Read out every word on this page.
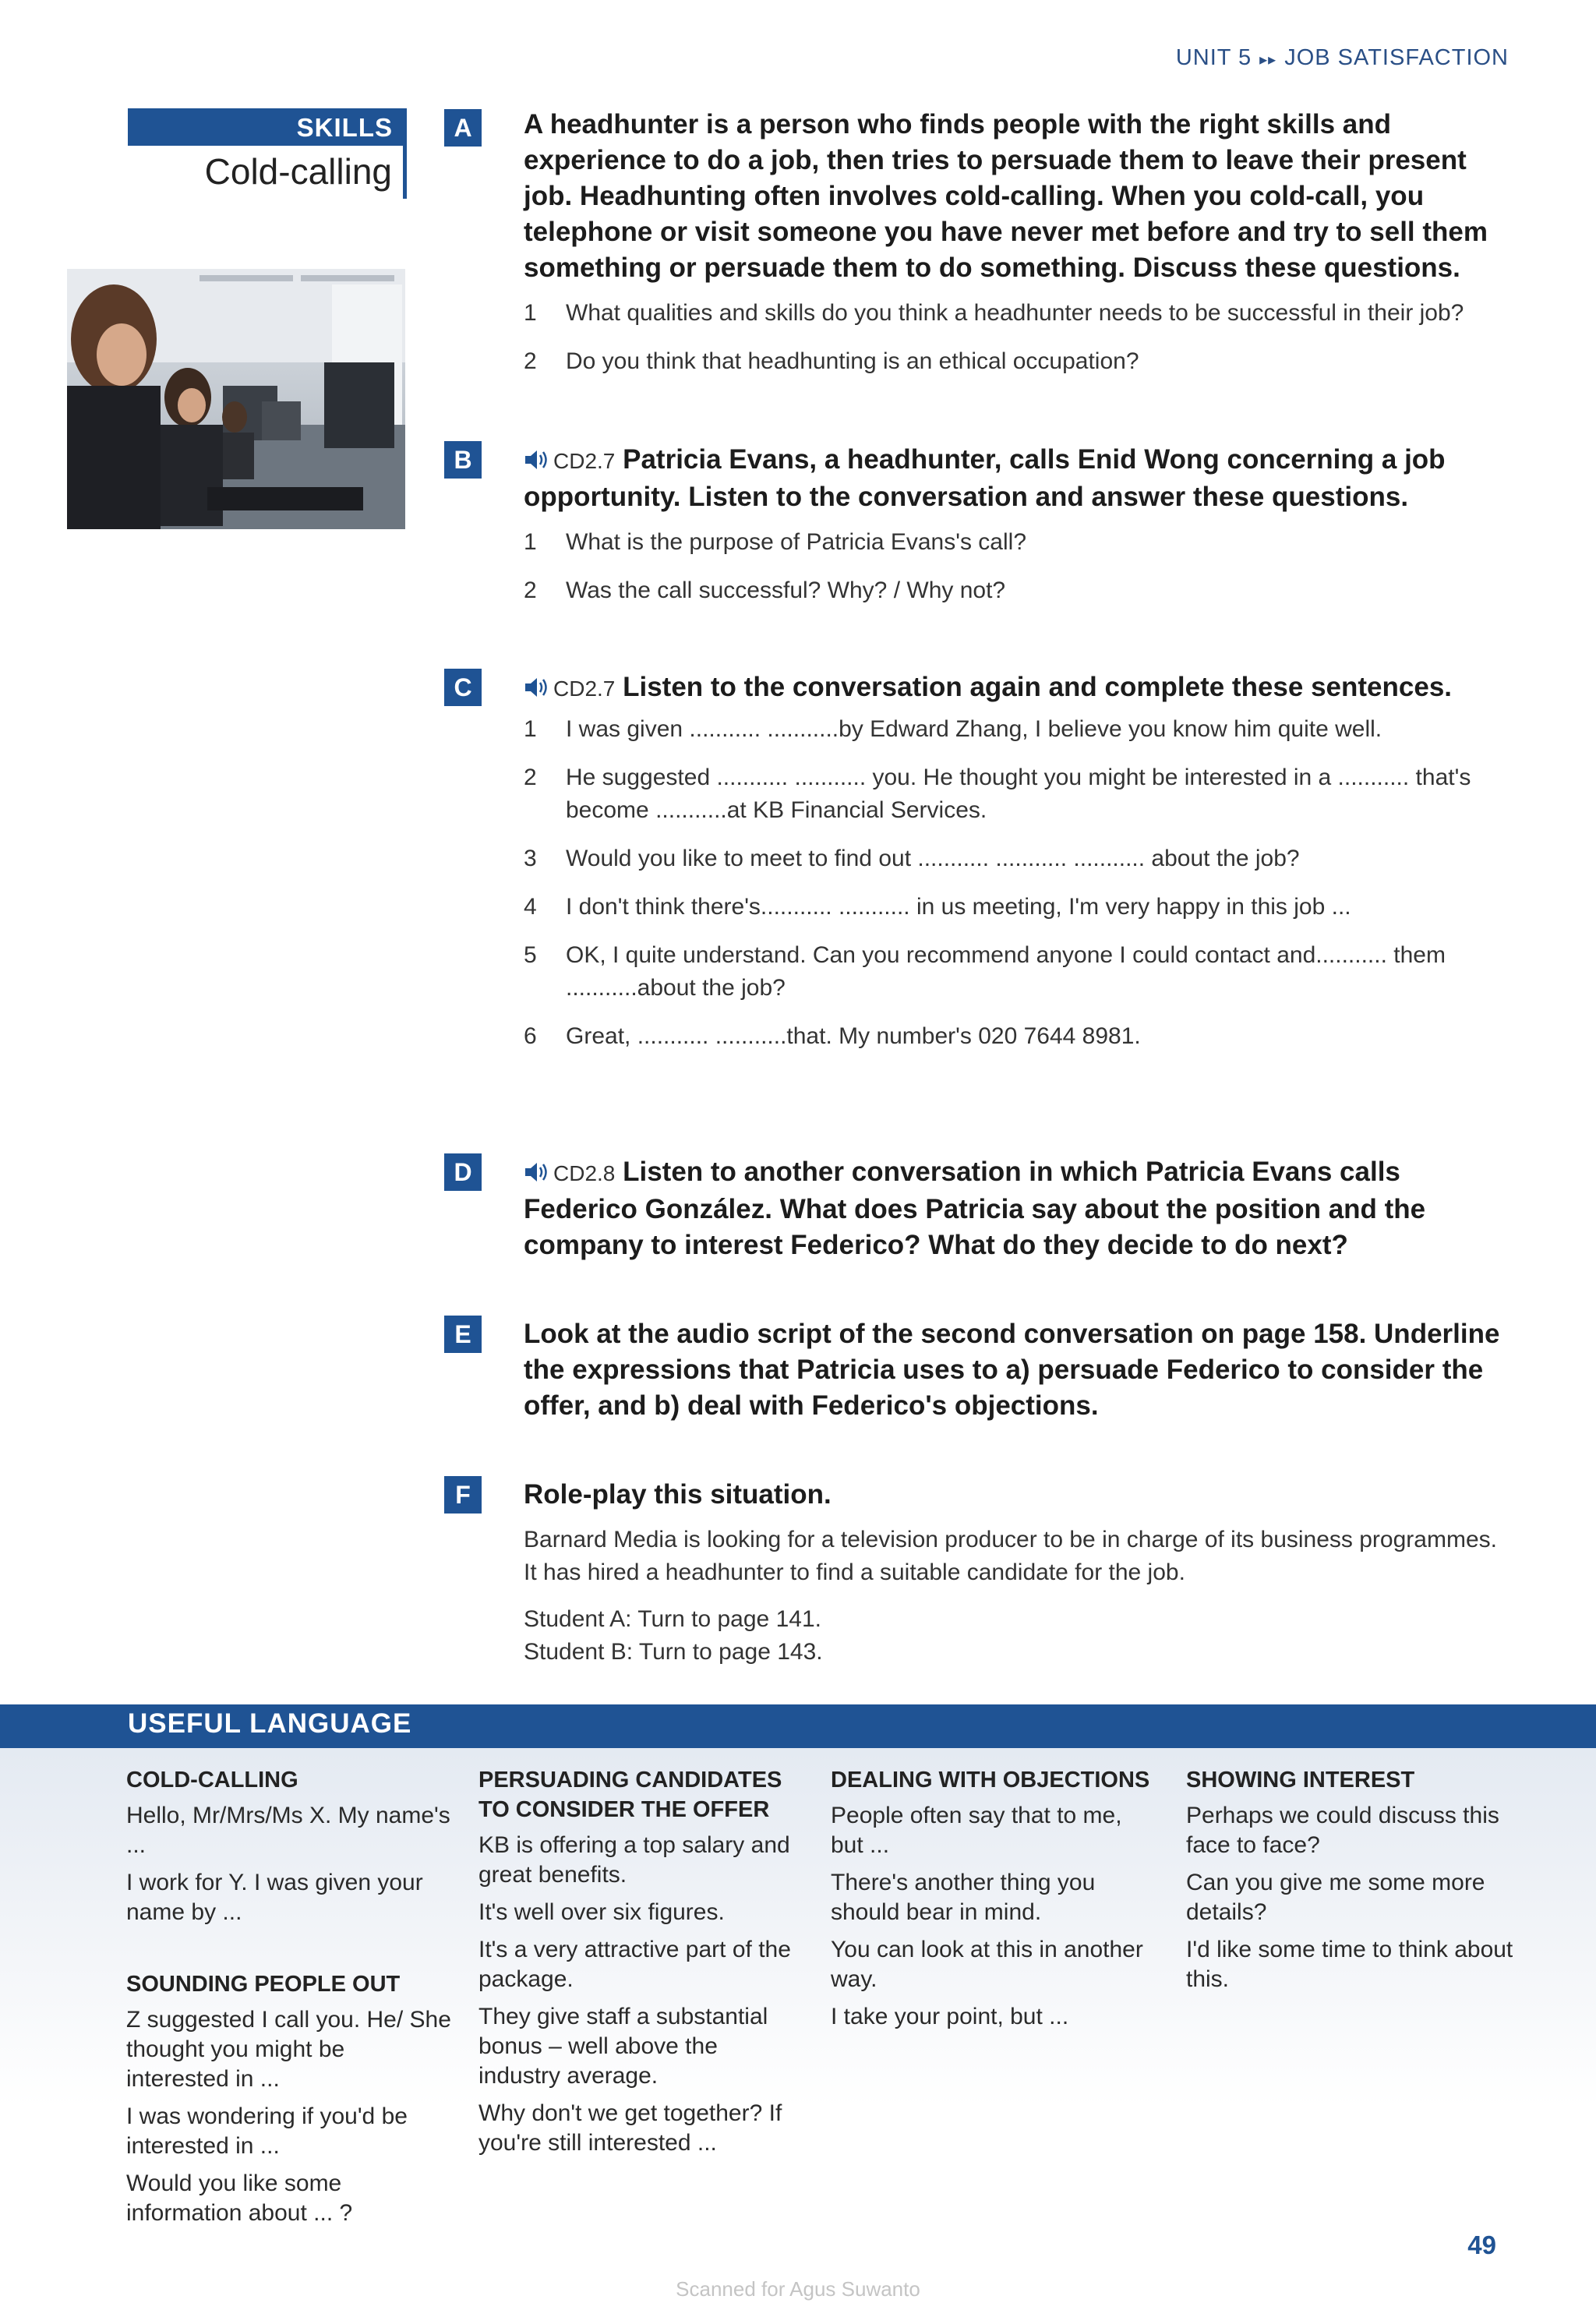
UNIT 5 ▸▸ JOB SATISFACTION
SKILLS
Cold-calling
A	A headhunter is a person who finds people with the right skills and experience to do a job, then tries to persuade them to leave their present job. Headhunting often involves cold-calling. When you cold-call, you telephone or visit someone you have never met before and try to sell them something or persuade them to do something. Discuss these questions.

1 What qualities and skills do you think a headhunter needs to be successful in their job?
2 Do you think that headhunting is an ethical occupation?
B	CD2.7 Patricia Evans, a headhunter, calls Enid Wong concerning a job opportunity. Listen to the conversation and answer these questions.

1 What is the purpose of Patricia Evans's call?
2 Was the call successful? Why? / Why not?
C	CD2.7 Listen to the conversation again and complete these sentences.

1 I was given ........... ...........by Edward Zhang, I believe you know him quite well.
2 He suggested ........... ........... you. He thought you might be interested in a ........... that's become ...........at KB Financial Services.
3 Would you like to meet to find out ........... ........... ........... about the job?
4 I don't think there's........... ........... in us meeting, I'm very happy in this job ...
5 OK, I quite understand. Can you recommend anyone I could contact and........... them ...........about the job?
6 Great, ........... ...........that. My number's 020 7644 8981.
D	CD2.8 Listen to another conversation in which Patricia Evans calls Federico González. What does Patricia say about the position and the company to interest Federico? What do they decide to do next?

E	Look at the audio script of the second conversation on page 158. Underline the expressions that Patricia uses to a) persuade Federico to consider the offer, and b) deal with Federico's objections.

F	Role-play this situation.

Barnard Media is looking for a television producer to be in charge of its business programmes. It has hired a headhunter to find a suitable candidate for the job.

Student A: Turn to page 141.

Student B: Turn to page 143.

USEFUL LANGUAGE
COLD-CALLING

Hello, Mr/Mrs/Ms X. My name's ...

I work for Y. I was given your name by ...

SOUNDING PEOPLE OUT

Z suggested I call you. He/ She thought you might be interested in ...

I was wondering if you'd be interested in ...

Would you like some information about ... ?

PERSUADING CANDIDATES TO CONSIDER THE OFFER

KB is offering a top salary and great benefits.

It's well over six figures.

It's a very attractive part of the package.

They give staff a substantial bonus – well above the industry average.

Why don't we get together? If you're still interested ...

DEALING WITH OBJECTIONS

People often say that to me, but ...

There's another thing you should bear in mind.

You can look at this in another way.

I take your point, but ...

SHOWING INTEREST

Perhaps we could discuss this face to face?

Can you give me some more details?

I'd like some time to think about this.

49
Scanned for Agus Suwanto
